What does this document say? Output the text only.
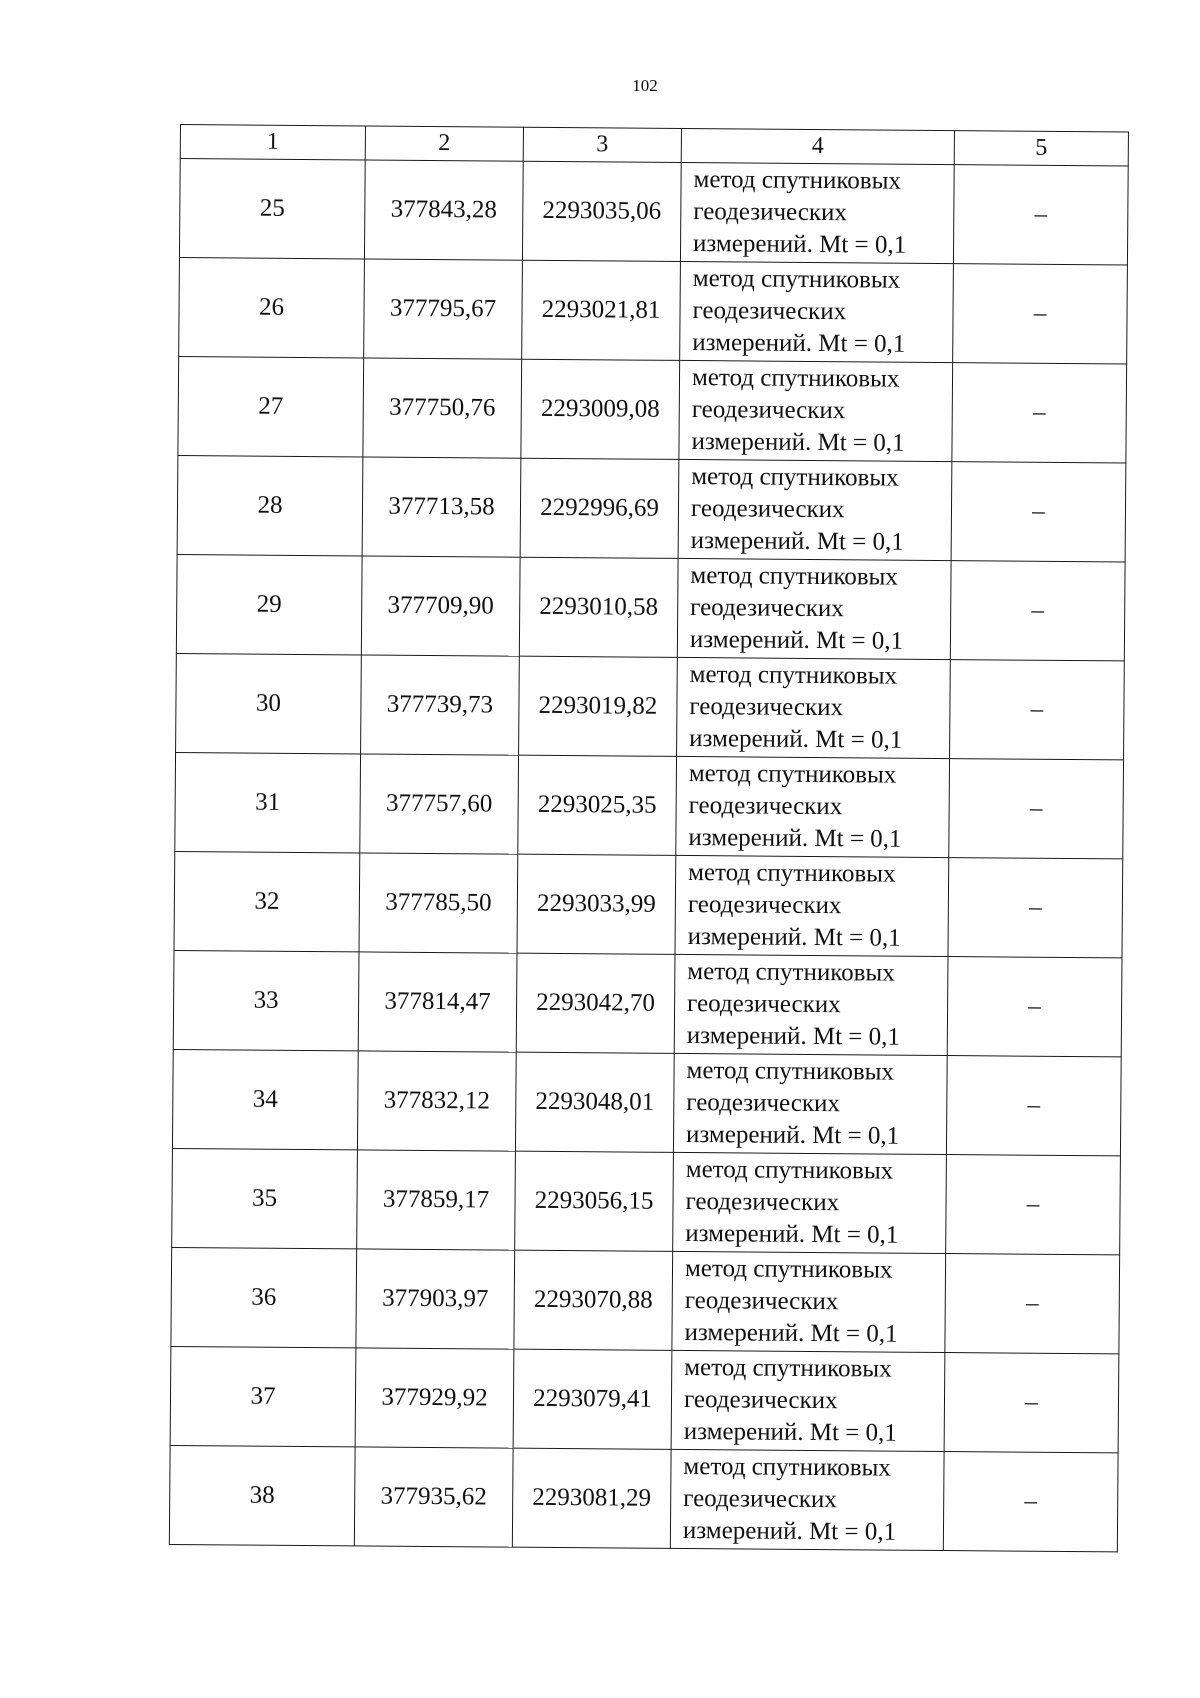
102
1	2	3	4	5
25	377843,28	2293035,06	метод спутниковых
геодезических
измерений. Mt = 0,1	–
26	377795,67	2293021,81	метод спутниковых
геодезических
измерений. Mt = 0,1	–
27	377750,76	2293009,08	метод спутниковых
геодезических
измерений. Mt = 0,1	–
28	377713,58	2292996,69	метод спутниковых
геодезических
измерений. Mt = 0,1	–
29	377709,90	2293010,58	метод спутниковых
геодезических
измерений. Mt = 0,1	–
30	377739,73	2293019,82	метод спутниковых
геодезических
измерений. Mt = 0,1	–
31	377757,60	2293025,35	метод спутниковых
геодезических
измерений. Mt = 0,1	–
32	377785,50	2293033,99	метод спутниковых
геодезических
измерений. Mt = 0,1	–
33	377814,47	2293042,70	метод спутниковых
геодезических
измерений. Mt = 0,1	–
34	377832,12	2293048,01	метод спутниковых
геодезических
измерений. Mt = 0,1	–
35	377859,17	2293056,15	метод спутниковых
геодезических
измерений. Mt = 0,1	–
36	377903,97	2293070,88	метод спутниковых
геодезических
измерений. Mt = 0,1	–
37	377929,92	2293079,41	метод спутниковых
геодезических
измерений. Mt = 0,1	–
38	377935,62	2293081,29	метод спутниковых
геодезических
измерений. Mt = 0,1	–
